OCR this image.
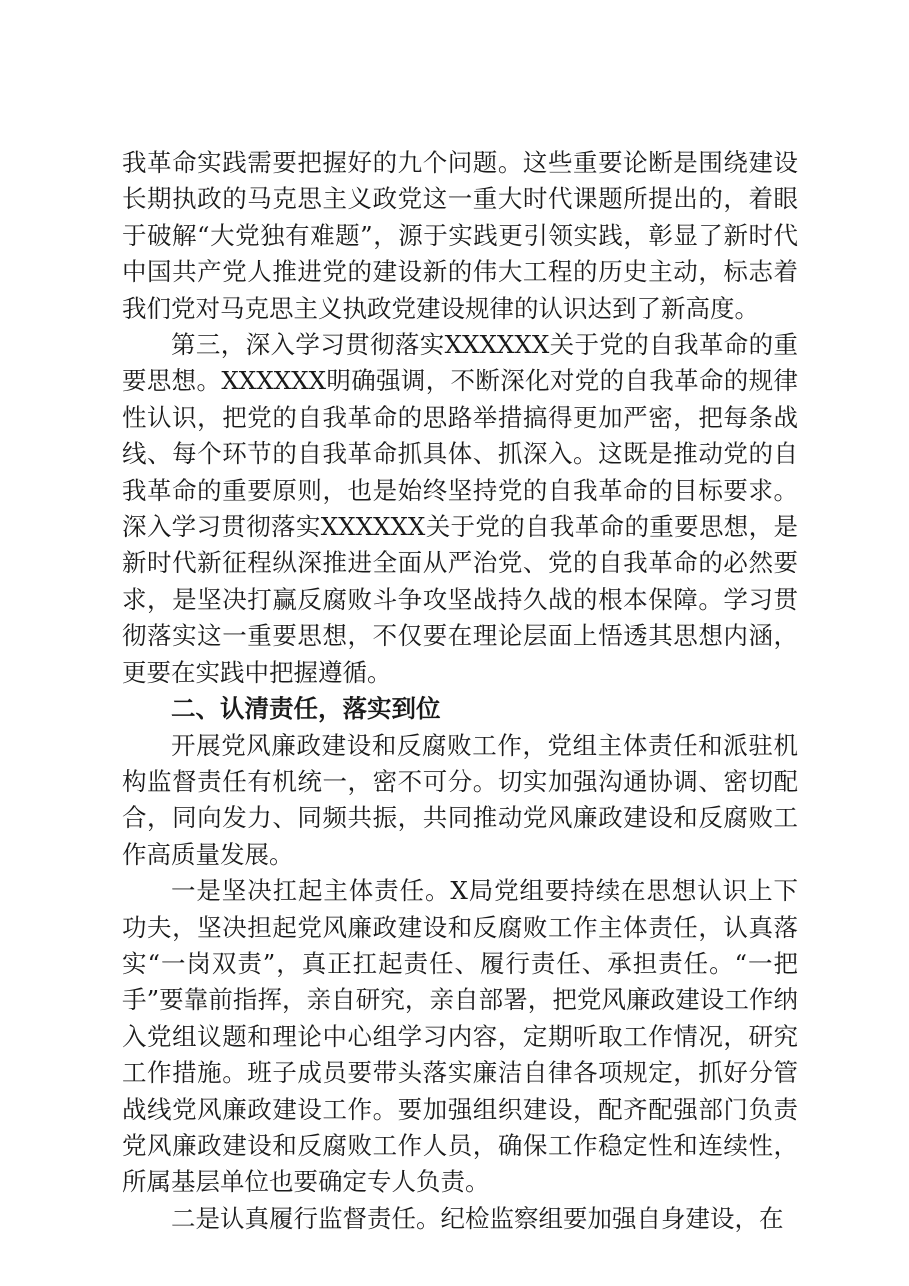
我革命实践需要把握好的九个问题。这些重要论断是围绕建设长期执政的马克思主义政党这一重大时代课题所提出的，着眼于破解“大党独有难题”，源于实践更引领实践，彰显了新时代中国共产党人推进党的建设新的伟大工程的历史主动，标志着我们党对马克思主义执政党建设规律的认识达到了新高度。

第三，深入学习贯彻落实XXXXXX关于党的自我革命的重要思想。XXXXXX明确强调，不断深化对党的自我革命的规律性认识，把党的自我革命的思路举措搞得更加严密，把每条战线、每个环节的自我革命抓具体、抓深入。这既是推动党的自我革命的重要原则，也是始终坚持党的自我革命的目标要求。深入学习贯彻落实XXXXXX关于党的自我革命的重要思想，是新时代新征程纵深推进全面从严治党、党的自我革命的必然要求，是坚决打赢反腐败斗争攻坚战持久战的根本保障。学习贯彻落实这一重要思想，不仅要在理论层面上悟透其思想内涵，更要在实践中把握遵循。

二、认清责任，落实到位

开展党风廉政建设和反腐败工作，党组主体责任和派驻机构监督责任有机统一，密不可分。切实加强沟通协调、密切配合，同向发力、同频共振，共同推动党风廉政建设和反腐败工作高质量发展。

一是坚决扛起主体责任。X局党组要持续在思想认识上下功夫，坚决担起党风廉政建设和反腐败工作主体责任，认真落实“一岗双责”，真正扛起责任、履行责任、承担责任。“一把手”要靠前指挥，亲自研究，亲自部署，把党风廉政建设工作纳入党组议题和理论中心组学习内容，定期听取工作情况，研究工作措施。班子成员要带头落实廉洁自律各项规定，抓好分管战线党风廉政建设工作。要加强组织建设，配齐配强部门负责党风廉政建设和反腐败工作人员，确保工作稳定性和连续性，所属基层单位也要确定专人负责。

二是认真履行监督责任。纪检监察组要加强自身建设，在
